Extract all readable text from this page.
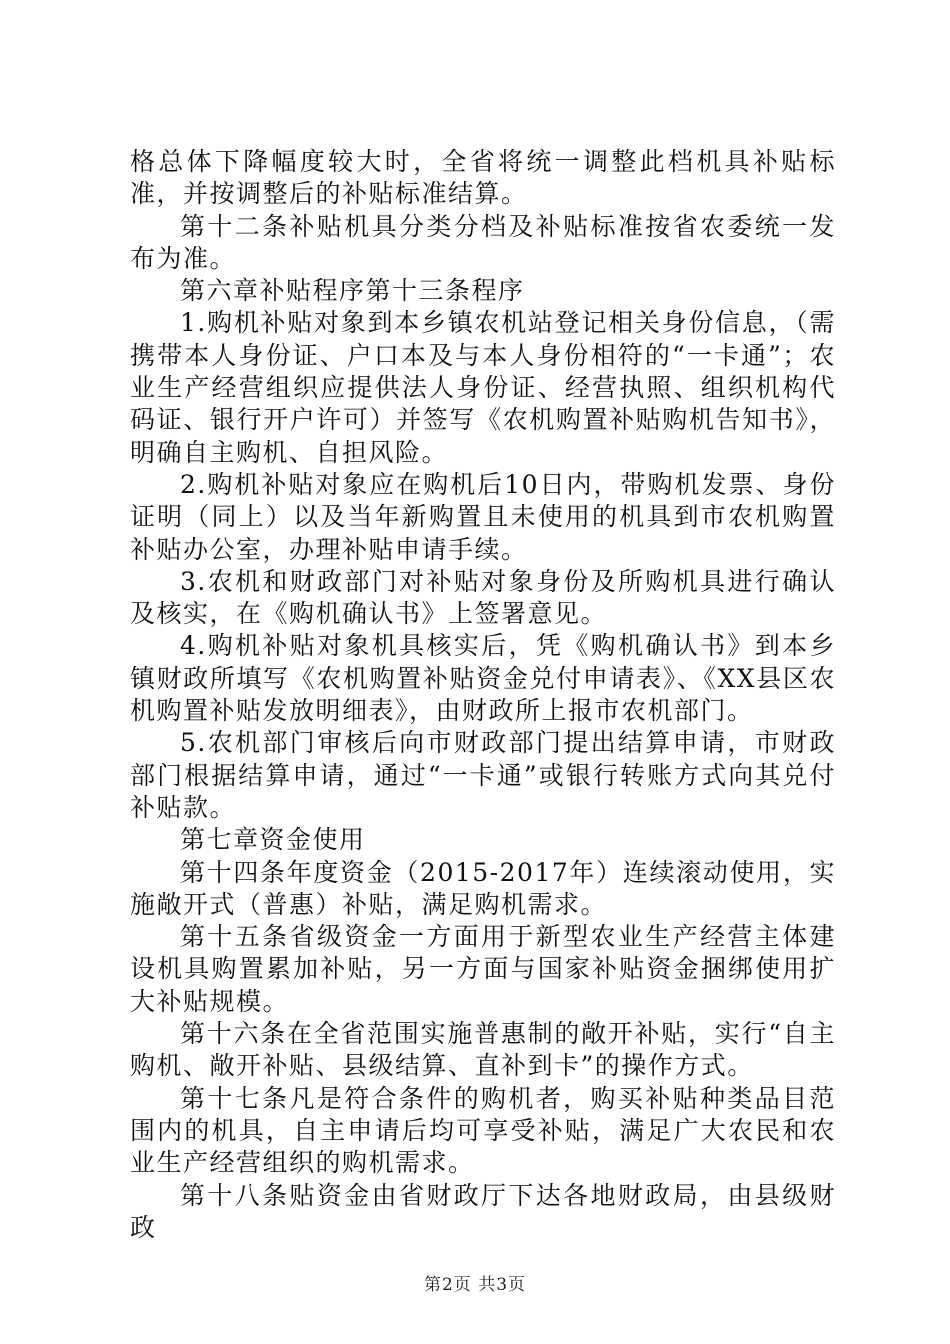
格总体下降幅度较大时，全省将统一调整此档机具补贴标准，并按调整后的补贴标准结算。

第十二条补贴机具分类分档及补贴标准按省农委统一发布为准。

第六章补贴程序第十三条程序

1.购机补贴对象到本乡镇农机站登记相关身份信息，（需携带本人身份证、户口本及与本人身份相符的“一卡通”；农业生产经营组织应提供法人身份证、经营执照、组织机构代码证、银行开户许可）并签写《农机购置补贴购机告知书》，明确自主购机、自担风险。

2.购机补贴对象应在购机后10日内，带购机发票、身份证明（同上）以及当年新购置且未使用的机具到市农机购置补贴办公室，办理补贴申请手续。

3.农机和财政部门对补贴对象身份及所购机具进行确认及核实，在《购机确认书》上签署意见。

4.购机补贴对象机具核实后，凭《购机确认书》到本乡镇财政所填写《农机购置补贴资金兑付申请表》、《XX县区农机购置补贴发放明细表》，由财政所上报市农机部门。

5.农机部门审核后向市财政部门提出结算申请，市财政部门根据结算申请，通过“一卡通”或银行转账方式向其兑付补贴款。

第七章资金使用

第十四条年度资金（2015-2017年）连续滚动使用，实施敞开式（普惠）补贴，满足购机需求。

第十五条省级资金一方面用于新型农业生产经营主体建设机具购置累加补贴，另一方面与国家补贴资金捆绑使用扩大补贴规模。

第十六条在全省范围实施普惠制的敞开补贴，实行“自主购机、敞开补贴、县级结算、直补到卡”的操作方式。

第十七条凡是符合条件的购机者，购买补贴种类品目范围内的机具，自主申请后均可享受补贴，满足广大农民和农业生产经营组织的购机需求。

第十八条贴资金由省财政厅下达各地财政局，由县级财政

第2页 共3页
